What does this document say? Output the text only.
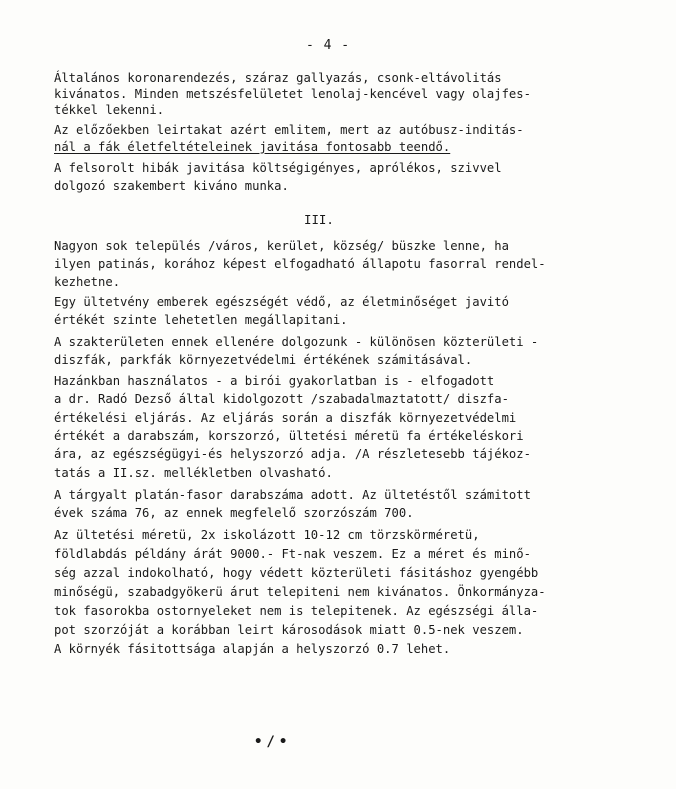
- 4 -
Általános koronarendezés, száraz gallyazás, csonk-eltávolitás
kivánatos. Minden metszésfelületet lenolaj-kencével vagy olajfes-
tékkel lekenni.
Az előzőekben leirtakat azért emlitem, mert az autóbusz-inditás-
nál a fák életfeltételeinek javitása fontosabb teendő.
A felsorolt hibák javitása költségigényes, aprólékos, szivvel
dolgozó szakembert kiváno munka.
III.
Nagyon sok település /város, kerület, község/ büszke lenne, ha
ilyen patinás, korához képest elfogadható állapotu fasorral rendel-
kezhetne.
Egy ültetvény emberek egészségét védő, az életminőséget javitó
értékét szinte lehetetlen megállapitani.
A szakterületen ennek ellenére dolgozunk - különösen közterületi -
diszfák, parkfák környezetvédelmi értékének számitásával.
Hazánkban használatos - a birói gyakorlatban is - elfogadott
a dr. Radó Dezső által kidolgozott /szabadalmaztatott/ diszfa-
értékelési eljárás. Az eljárás során a diszfák környezetvédelmi
értékét a darabszám, korszorzó, ültetési méretü fa értékeléskori
ára, az egészségügyi-és helyszorzó adja. /A részletesebb tájékoz-
tatás a II.sz. mellékletben olvasható.
A tárgyalt platán-fasor darabszáma adott. Az ültetéstől számitott
évek száma 76, az ennek megfelelő szorzószám 700.
Az ültetési méretü, 2x iskolázott 10-12 cm törzskörméretü,
földlabdás példány árát 9000.- Ft-nak veszem. Ez a méret és minő-
ség azzal indokolható, hogy védett közterületi fásitáshoz gyengébb
minőségü, szabadgyökerü árut telepiteni nem kivánatos. Önkormányza-
tok fasorokba ostornyeleket nem is telepitenek. Az egészségi álla-
pot szorzóját a korábban leirt károsodások miatt 0.5-nek veszem.
A környék fásitottsága alapján a helyszorzó 0.7 lehet.
•/•
